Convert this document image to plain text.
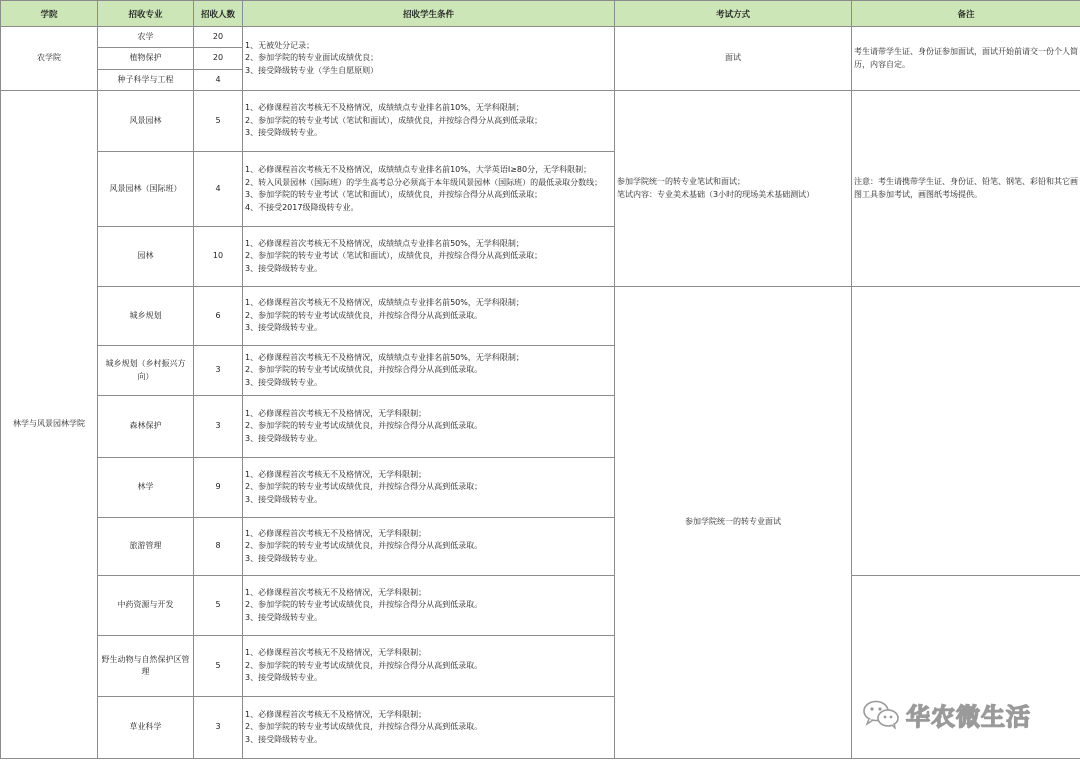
学院	招收专业	招收人数	招收学生条件	考试方式	备注
农学院	农学	20	1、无被处分记录；
2、参加学院的转专业面试成绩优良；
3、接受降级转专业（学生自愿原则）	面试	考生请带学生证、身份证参加面试，面试开始前请交一份个人简历，内容自定。
	植物保护	20			
	种子科学与工程	4			
林学与风景园林学院	风景园林	5	1、必修课程首次考核无不及格情况，成绩绩点专业排名前10%，无学科限制；
2、参加学院的转专业考试（笔试和面试），成绩优良，并按综合得分从高到低录取；
3、接受降级转专业。	参加学院统一的转专业笔试和面试；
笔试内容：专业美术基础（3小时的现场美术基础测试）	注意：考生请携带学生证、身份证、铅笔、钢笔、彩铅和其它画图工具参加考试，画图纸考场提供。
	风景园林（国际班）	4	1、必修课程首次考核无不及格情况，成绩绩点专业排名前10%，大学英语Ⅰ≥80分，无学科限制；
2、转入风景园林（国际班）的学生高考总分必须高于本年级风景园林（国际班）的最低录取分数线；
3、参加学院的转专业考试（笔试和面试），成绩优良，并按综合得分从高到低录取；
4、不接受2017级降级转专业。		
	园林	10	1、必修课程首次考核无不及格情况，成绩绩点专业排名前50%，无学科限制；
2、参加学院的转专业考试（笔试和面试），成绩优良，并按综合得分从高到低录取；
3、接受降级转专业。		
	城乡规划	6	1、必修课程首次考核无不及格情况，成绩绩点专业排名前50%，无学科限制；
2、参加学院的转专业考试成绩优良，并按综合得分从高到低录取。
3、接受降级转专业。	参加学院统一的转专业面试	
	城乡规划（乡村振兴方向）	3	1、必修课程首次考核无不及格情况，成绩绩点专业排名前50%，无学科限制；
2、参加学院的转专业考试成绩优良，并按综合得分从高到低录取。
3、接受降级转专业。		
	森林保护	3	1、必修课程首次考核无不及格情况，无学科限制；
2、参加学院的转专业考试成绩优良，并按综合得分从高到低录取。
3、接受降级转专业。		
	林学	9	1、必修课程首次考核无不及格情况，无学科限制；
2、参加学院的转专业考试成绩优良，并按综合得分从高到低录取；
3、接受降级转专业。		
	旅游管理	8	1、必修课程首次考核无不及格情况，无学科限制；
2、参加学院的转专业考试成绩优良，并按综合得分从高到低录取。
3、接受降级转专业。		
	中药资源与开发	5	1、必修课程首次考核无不及格情况，无学科限制；
2、参加学院的转专业考试成绩优良，并按综合得分从高到低录取。
3、接受降级转专业。		
	野生动物与自然保护区管理	5	1、必修课程首次考核无不及格情况，无学科限制；
2、参加学院的转专业考试成绩优良，并按综合得分从高到低录取。
3、接受降级转专业。		
	草业科学	3	1、必修课程首次考核无不及格情况，无学科限制；
2、参加学院的转专业考试成绩优良，并按综合得分从高到低录取。
3、接受降级转专业。		
华农微生活
